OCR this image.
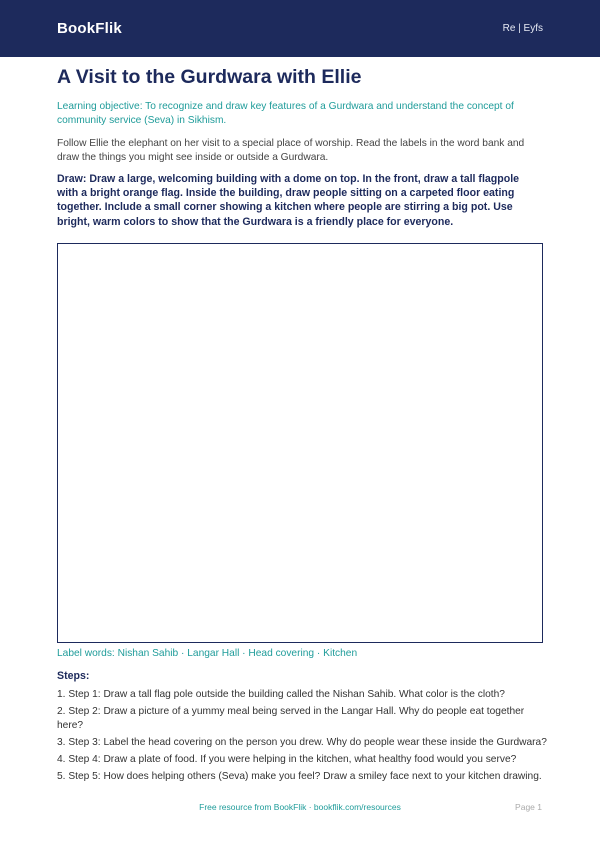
BookFlik	Re | Eyfs
A Visit to the Gurdwara with Ellie

Learning objective: To recognize and draw key features of a Gurdwara and understand the concept of community service (Seva) in Sikhism.

Follow Ellie the elephant on her visit to a special place of worship. Read the labels in the word bank and draw the things you might see inside or outside a Gurdwara.

Draw: Draw a large, welcoming building with a dome on top. In the front, draw a tall flagpole with a bright orange flag. Inside the building, draw people sitting on a carpeted floor eating together. Include a small corner showing a kitchen where people are stirring a big pot. Use bright, warm colors to show that the Gurdwara is a friendly place for everyone.

Label words: Nishan Sahib · Langar Hall · Head covering · Kitchen

Steps:

1. Step 1: Draw a tall flag pole outside the building called the Nishan Sahib. What color is the cloth?
2. Step 2: Draw a picture of a yummy meal being served in the Langar Hall. Why do people eat together here?
3. Step 3: Label the head covering on the person you drew. Why do people wear these inside the Gurdwara?
4. Step 4: Draw a plate of food. If you were helping in the kitchen, what healthy food would you serve?
5. Step 5: How does helping others (Seva) make you feel? Draw a smiley face next to your kitchen drawing.
Free resource from BookFlik · bookflik.com/resources	Page 1
